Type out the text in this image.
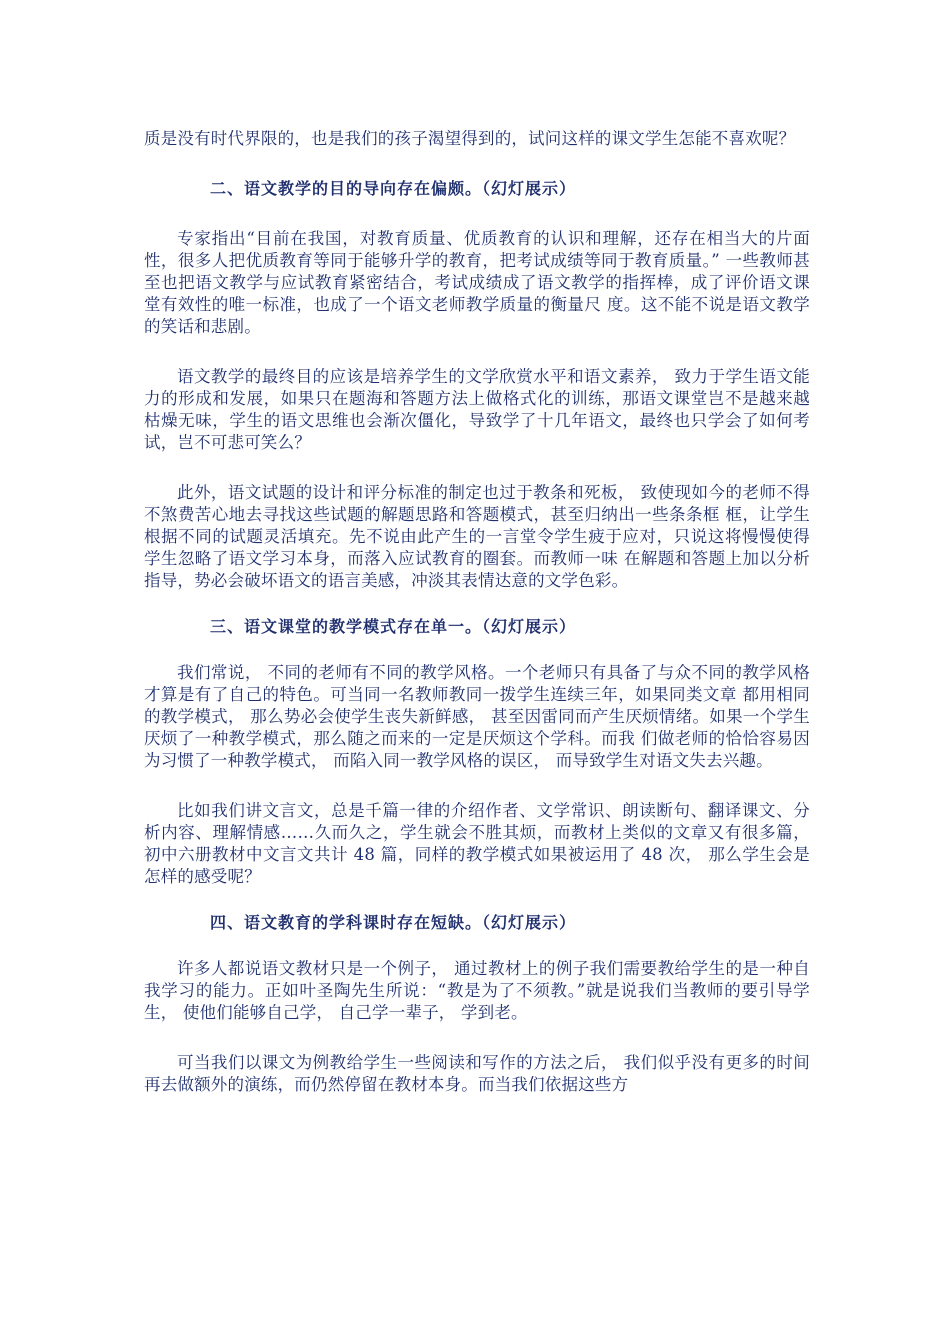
质是没有时代界限的，也是我们的孩子渴望得到的，试问这样的课文学生怎能不喜欢呢？

二、语文教学的目的导向存在偏颇。（幻灯展示）

专家指出“目前在我国，对教育质量、优质教育的认识和理解，还存在相当大的片面性，很多人把优质教育等同于能够升学的教育，把考试成绩等同于教育质量。” 一些教师甚至也把语文教学与应试教育紧密结合，考试成绩成了语文教学的指挥棒，成了评价语文课堂有效性的唯一标准，也成了一个语文老师教学质量的衡量尺 度。这不能不说是语文教学的笑话和悲剧。

语文教学的最终目的应该是培养学生的文学欣赏水平和语文素养， 致力于学生语文能力的形成和发展，如果只在题海和答题方法上做格式化的训练，那语文课堂岂不是越来越枯燥无味，学生的语文思维也会渐次僵化，导致学了十几年语文，最终也只学会了如何考试，岂不可悲可笑么？

此外，语文试题的设计和评分标准的制定也过于教条和死板， 致使现如今的老师不得不煞费苦心地去寻找这些试题的解题思路和答题模式，甚至归纳出一些条条框 框，让学生根据不同的试题灵活填充。先不说由此产生的一言堂令学生疲于应对，只说这将慢慢使得学生忽略了语文学习本身，而落入应试教育的圈套。而教师一味 在解题和答题上加以分析指导，势必会破坏语文的语言美感，冲淡其表情达意的文学色彩。

三、语文课堂的教学模式存在单一。（幻灯展示）

我们常说， 不同的老师有不同的教学风格。一个老师只有具备了与众不同的教学风格才算是有了自己的特色。可当同一名教师教同一拨学生连续三年，如果同类文章 都用相同的教学模式， 那么势必会使学生丧失新鲜感， 甚至因雷同而产生厌烦情绪。如果一个学生厌烦了一种教学模式，那么随之而来的一定是厌烦这个学科。而我 们做老师的恰恰容易因为习惯了一种教学模式， 而陷入同一教学风格的误区， 而导致学生对语文失去兴趣。

比如我们讲文言文，总是千篇一律的介绍作者、文学常识、朗读断句、翻译课文、分析内容、理解情感……久而久之，学生就会不胜其烦，而教材上类似的文章又有很多篇，初中六册教材中文言文共计 48 篇，同样的教学模式如果被运用了 48 次， 那么学生会是怎样的感受呢？

四、语文教育的学科课时存在短缺。（幻灯展示）

许多人都说语文教材只是一个例子， 通过教材上的例子我们需要教给学生的是一种自我学习的能力。正如叶圣陶先生所说：“教是为了不须教。”就是说我们当教师的要引导学生， 使他们能够自己学， 自己学一辈子， 学到老。

可当我们以课文为例教给学生一些阅读和写作的方法之后， 我们似乎没有更多的时间再去做额外的演练，而仍然停留在教材本身。而当我们依据这些方
